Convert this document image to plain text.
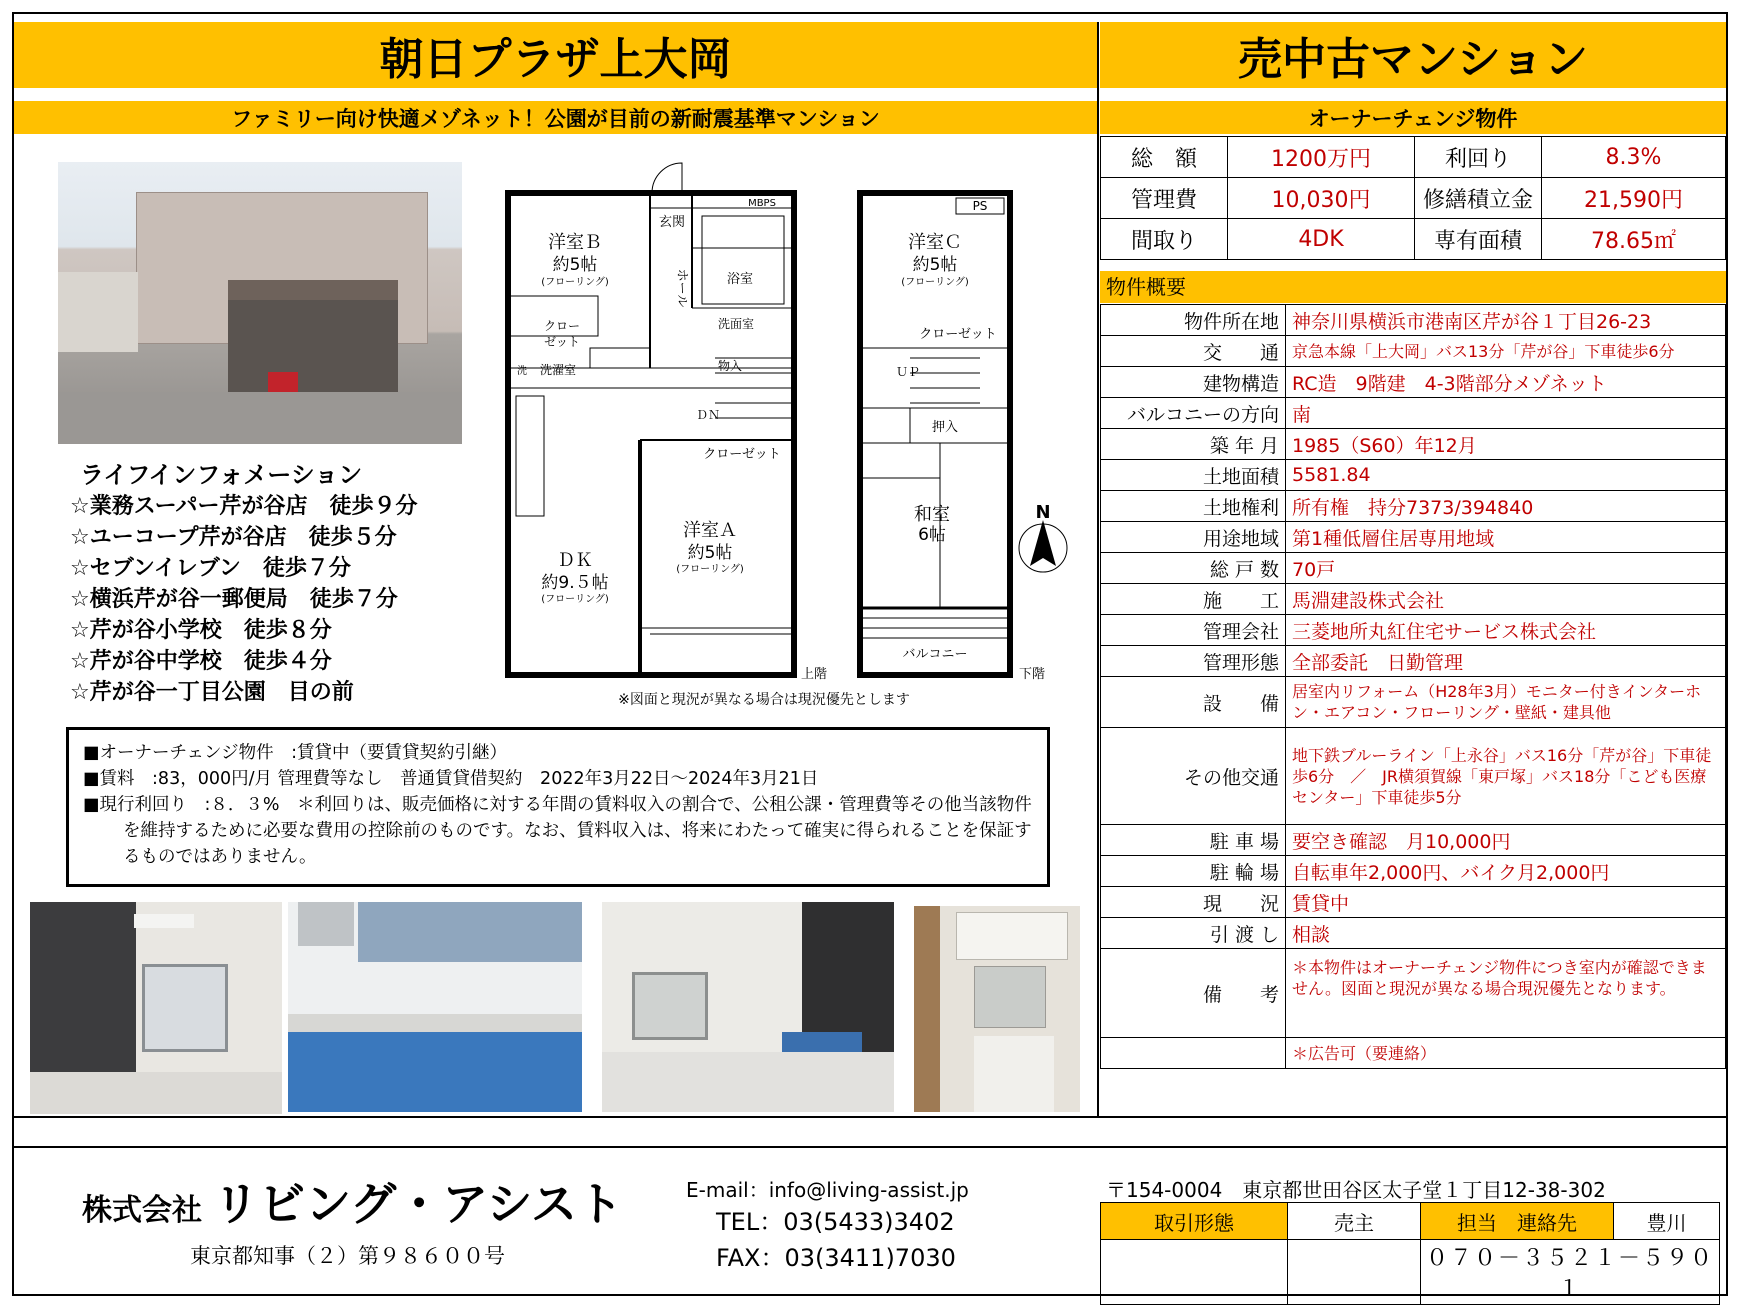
朝日プラザ上大岡	売中古マンション
ファミリー向け快適メゾネット！公園が目前の新耐震基準マンション	オーナーチェンジ物件
総　額	1200万円	利回り	8.3%
管理費	10,030円	修繕積立金	21,590円
間取り	4DK	専有面積	78.65㎡
物件概要
物件所在地	神奈川県横浜市港南区芹が谷１丁目26-23
交　　通	京急本線「上大岡」バス13分「芹が谷」下車徒歩6分
建物構造	RC造　9階建　4-3階部分メゾネット
バルコニーの方向	南
築 年 月	1985（S60）年12月
土地面積	5581.84
土地権利	所有権　持分7373/394840
用途地域	第1種低層住居専用地域
総 戸 数	70戸
施　　工	馬淵建設株式会社
管理会社	三菱地所丸紅住宅サービス株式会社
管理形態	全部委託　日勤管理
設　　備	居室内リフォーム（H28年3月）モニター付きインターホン・エアコン・フローリング・壁紙・建具他
その他交通	地下鉄ブルーライン「上永谷」バス16分「芹が谷」下車徒歩6分　／　JR横須賀線「東戸塚」バス18分「こども医療センター」下車徒歩5分
駐 車 場	要空き確認　月10,000円
駐 輪 場	自転車年2,000円、バイク月2,000円
現　　況	賃貸中
引 渡 し	相談
備　　考	＊本物件はオーナーチェンジ物件につき室内が確認できません。図面と現況が異なる場合現況優先となります。
	＊広告可（要連絡）
ライフインフォメーション
☆業務スーパー芹が谷店　徒歩９分
☆ユーコープ芹が谷店　徒歩５分
☆セブンイレブン　徒歩７分
☆横浜芹が谷一郵便局　徒歩７分
☆芹が谷小学校　徒歩８分
☆芹が谷中学校　徒歩４分
☆芹が谷一丁目公園　目の前
洋室Ｂ
約5帖
(フローリング)
玄関
MBPS
ホール	浴室
クロー
ゼット
洗 洗濯室
洗面室
物入
ＤＮ
クローゼット
洋室Ａ
約5帖
(フローリング)
ＤＫ
約9.５帖
(フローリング)
上階
洋室Ｃ
約5帖
(フローリング)
PS
クローゼット
ＵＰ
押入
和室
6帖
バルコニー
下階
N
※図面と現況が異なる場合は現況優先とします
■オーナーチェンジ物件　:賃貸中（要賃貸契約引継）
■賃料　:83，000円/月 管理費等なし　普通賃貸借契約　2022年3月22日～2024年3月21日
■現行利回り　:８．３%　＊利回りは、販売価格に対する年間の賃料収入の割合で、公租公課・管理費等その他当該物件を維持するために必要な費用の控除前のものです。なお、賃料収入は、将来にわたって確実に得られることを保証するものではありません。
株式会社 リビング・アシスト
東京都知事（２）第９８６００号
E-mail：info@living-assist.jp
TEL：03(5433)3402
FAX：03(3411)7030
〒154-0004　東京都世田谷区太子堂１丁目12-38-302
取引形態	売主	担当　連絡先	豊川
		０７０－３５２１－５９０１	
